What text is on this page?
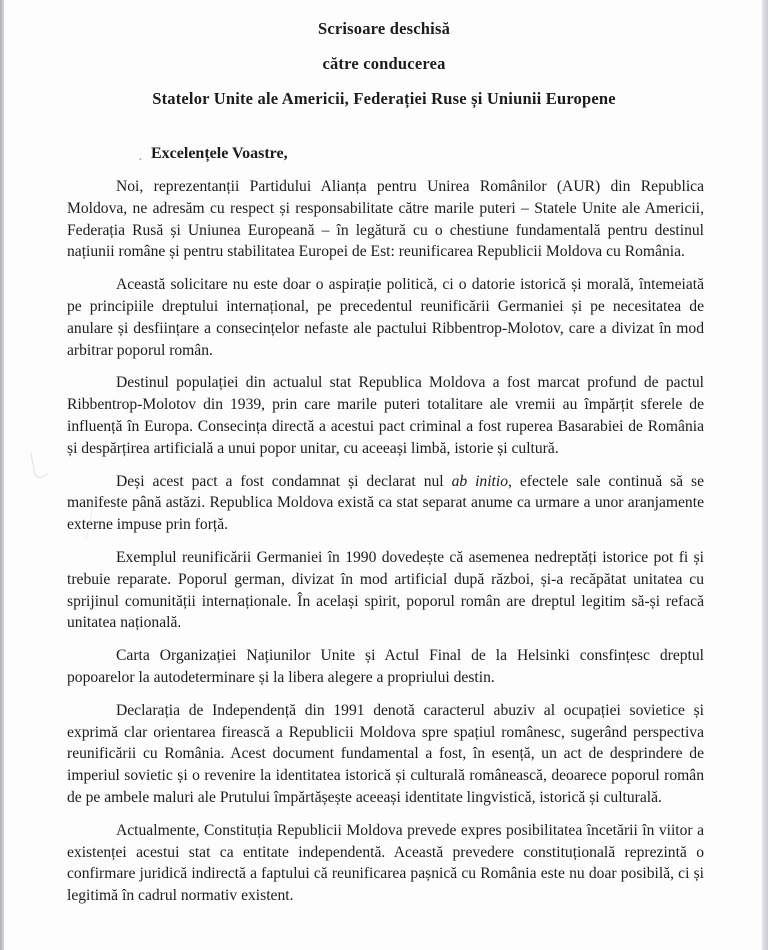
Scrisoare deschisă
către conducerea
Statelor Unite ale Americii, Federației Ruse și Uniunii Europene
. Excelențele Voastre,

Noi, reprezentanții Partidului Alianța pentru Unirea Românilor (AUR) din Republica Moldova, ne adresăm cu respect și responsabilitate către marile puteri – Statele Unite ale Americii, Federația Rusă și Uniunea Europeană – în legătură cu o chestiune fundamentală pentru destinul națiunii române și pentru stabilitatea Europei de Est: reunificarea Republicii Moldova cu România.

Această solicitare nu este doar o aspirație politică, ci o datorie istorică și morală, întemeiată pe principiile dreptului internațional, pe precedentul reunificării Germaniei și pe necesitatea de anulare și desființare a consecințelor nefaste ale pactului Ribbentrop-Molotov, care a divizat în mod arbitrar poporul român.

Destinul populației din actualul stat Republica Moldova a fost marcat profund de pactul Ribbentrop-Molotov din 1939, prin care marile puteri totalitare ale vremii au împărțit sferele de influență în Europa. Consecința directă a acestui pact criminal a fost ruperea Basarabiei de România și despărțirea artificială a unui popor unitar, cu aceeași limbă, istorie și cultură.

Deși acest pact a fost condamnat și declarat nul ab initio, efectele sale continuă să se manifeste până astăzi. Republica Moldova există ca stat separat anume ca urmare a unor aranjamente externe impuse prin forță.

Exemplul reunificării Germaniei în 1990 dovedește că asemenea nedreptăți istorice pot fi și trebuie reparate. Poporul german, divizat în mod artificial după război, și-a recăpătat unitatea cu sprijinul comunității internaționale. În același spirit, poporul român are dreptul legitim să-și refacă unitatea națională.

Carta Organizației Națiunilor Unite și Actul Final de la Helsinki consfințesc dreptul popoarelor la autodeterminare și la libera alegere a propriului destin.

Declarația de Independență din 1991 denotă caracterul abuziv al ocupației sovietice și exprimă clar orientarea firească a Republicii Moldova spre spațiul românesc, sugerând perspectiva reunificării cu România. Acest document fundamental a fost, în esență, un act de desprindere de imperiul sovietic și o revenire la identitatea istorică și culturală românească, deoarece poporul român de pe ambele maluri ale Prutului împărtășește aceeași identitate lingvistică, istorică și culturală.

Actualmente, Constituția Republicii Moldova prevede expres posibilitatea încetării în viitor a existenței acestui stat ca entitate independentă. Această prevedere constituțională reprezintă o confirmare juridică indirectă a faptului că reunificarea pașnică cu România este nu doar posibilă, ci și legitimă în cadrul normativ existent.
